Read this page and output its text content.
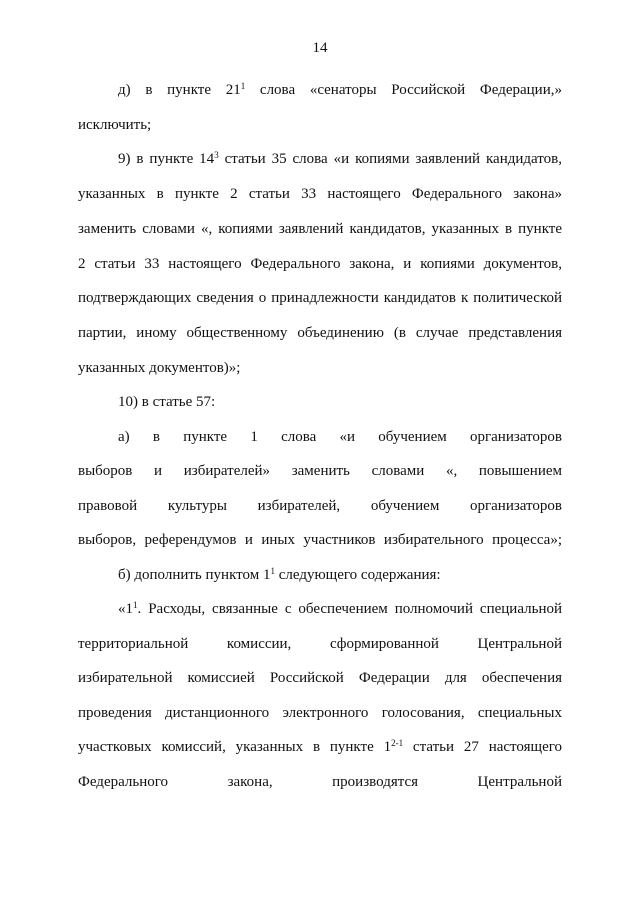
14
д) в пункте $21^1$ слова «сенаторы Российской Федерации,»
исключить;
9) в пункте $14^3$ статьи 35 слова «и копиями заявлений кандидатов,
указанных в пункте 2 статьи 33 настоящего Федерального закона»
заменить словами «, копиями заявлений кандидатов, указанных в пункте
2 статьи 33 настоящего Федерального закона, и копиями документов,
подтверждающих сведения о принадлежности кандидатов к политической
партии, иному общественному объединению (в случае представления
указанных документов)»;
10) в статье 57:
а) в пункте 1 слова «и обучением организаторов
выборов и избирателей» заменить словами «, повышением
правовой культуры избирателей, обучением организаторов
выборов, референдумов и иных участников избирательного процесса»;
б) дополнить пунктом $1^1$ следующего содержания:
«$1^1$. Расходы, связанные с обеспечением полномочий специальной
территориальной комиссии, сформированной Центральной
избирательной комиссией Российской Федерации для обеспечения
проведения дистанционного электронного голосования, специальных
участковых комиссий, указанных в пункте 1$^{2-1}$ статьи 27 настоящего
Федерального закона, производятся Центральной
